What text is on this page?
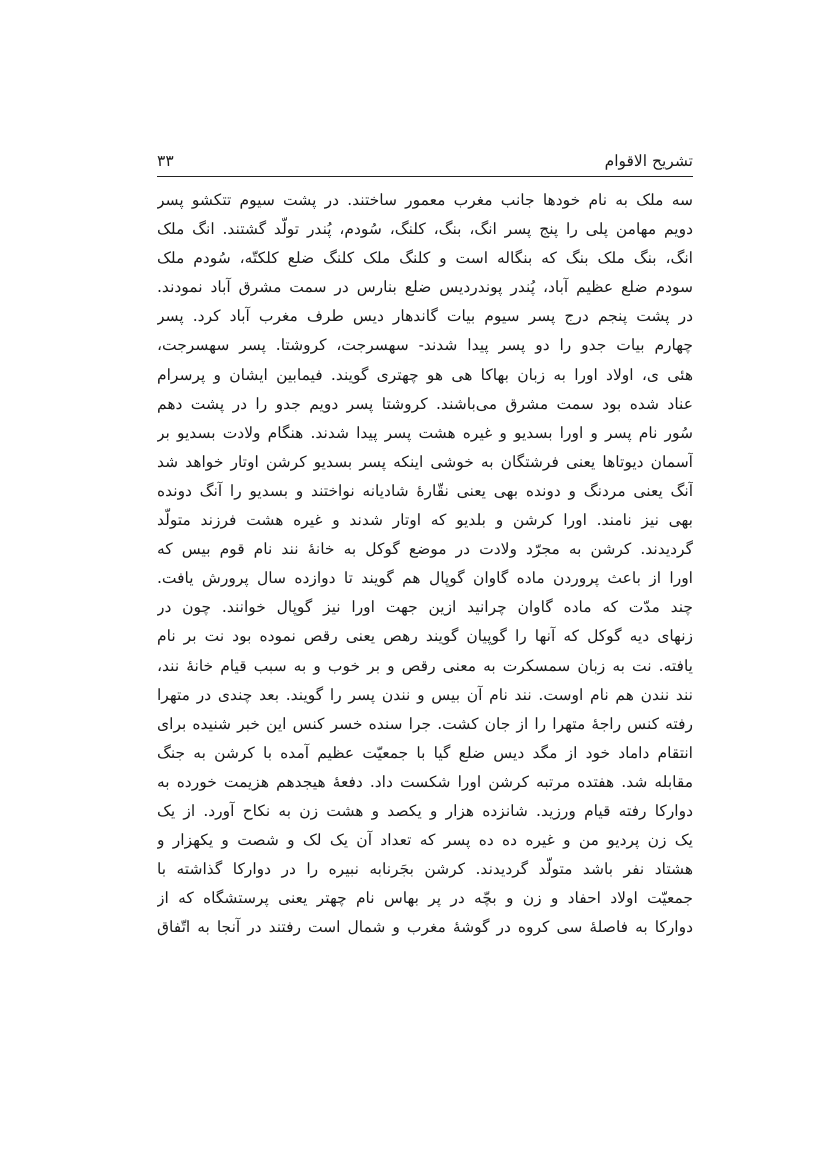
تشریح الاقوام
۳۳
سه ملک به نام خودها جانب مغرب معمور ساختند. در پشت سیوم تتکشو پسر
دویم مهامن پلی را پنج پسر انگ، بنگ، کلنگ، سُودم، پُندر تولّد گشتند. انگ ملک
انگ، بنگ ملک بنگ که بنگاله است و کلنگ ملک کلنگ ضلع کلکتّه، سُودم ملک
سودم ضلع عظیم آباد، پُندر پوندردیس ضلع بنارس در سمت مشرق آباد نمودند.
در پشت پنجم درج پسر سیوم بیات گاندهار دیس طرف مغرب آباد کرد. پسر
چهارم بیات جدو را دو پسر پیدا شدند- سهسرجت، کروشتا. پسر سهسرجت،
هئی ی، اولاد اورا به زبان بهاکا هی هو چهتری گویند. فیمابین ایشان و پرسرام
عناد شده بود سمت مشرق می‌باشند. کروشتا پسر دویم جدو را در پشت دهم
سُور نام پسر و اورا بسدیو و غیره هشت پسر پیدا شدند. هنگام ولادت بسدیو بر
آسمان دیوتاها یعنی فرشتگان به خوشی اینکه پسر بسدیو کرشن اوتار خواهد شد
آنگ یعنی مردنگ و دونده بهی یعنی نقّارهٔ شادیانه نواختند و بسدیو را آنگ دونده
بهی نیز نامند. اورا کرشن و بلدیو که اوتار شدند و غیره هشت فرزند متولّد
گردیدند. کرشن به مجرّد ولادت در موضع گوکل به خانهٔ نند نام قوم بیس که
اورا از باعث پروردن ماده گاوان گوپال هم گویند تا دوازده سال پرورش یافت.
چند مدّت که ماده گاوان چرانید ازین جهت اورا نیز گوپال خوانند. چون در
زنهای دیه گوکل که آنها را گوپیان گویند رهص یعنی رقص نموده بود نت بر نام
یافته. نت به زبان سمسکرت به معنی رقص و بر خوب و به سبب قیام خانهٔ نند،
نند نندن هم نام اوست. نند نام آن بیس و نندن پسر را گویند. بعد چندی در متهرا
رفته کنس راجهٔ متهرا را از جان کشت. جرا سنده خسر کنس این خبر شنیده برای
انتقام داماد خود از مگد دیس ضلع گیا با جمعیّت عظیم آمده با کرشن به جنگ
مقابله شد. هفتده مرتبه کرشن اورا شکست داد. دفعهٔ هیجدهم هزیمت خورده به
دوارکا رفته قیام ورزید. شانزده هزار و یکصد و هشت زن به نکاح آورد. از یک
یک زن پردیو من و غیره ده ده پسر که تعداد آن یک لک و شصت و یکهزار و
هشتاد نفر باشد متولّد گردیدند. کرشن بجَرنابه نبیره را در دوارکا گذاشته با
جمعیّت اولاد احفاد و زن و بچّه در پر بهاس نام چهتر یعنی پرستشگاه که از
دوارکا به فاصلهٔ سی کروه در گوشهٔ مغرب و شمال است رفتند در آنجا به اتّفاق
